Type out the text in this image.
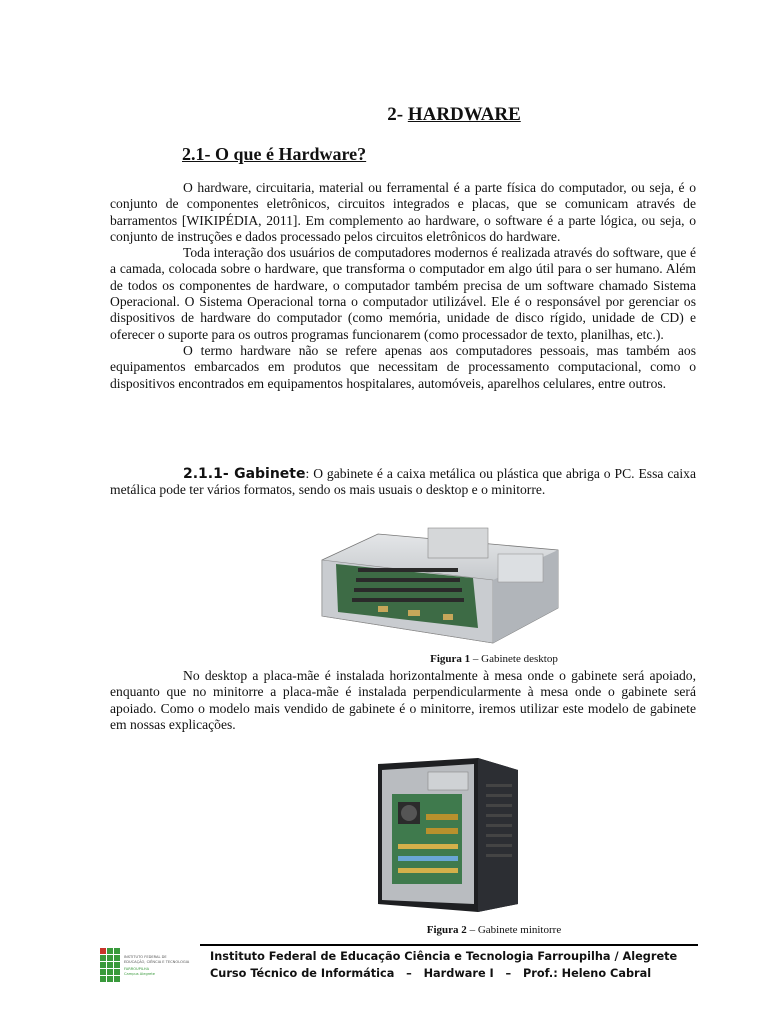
2- HARDWARE
2.1- O que é Hardware?

O hardware, circuitaria, material ou ferramental é a parte física do computador, ou seja, é o conjunto de componentes eletrônicos, circuitos integrados e placas, que se comunicam através de barramentos [WIKIPÉDIA, 2011]. Em complemento ao hardware, o software é a parte lógica, ou seja, o conjunto de instruções e dados processado pelos circuitos eletrônicos do hardware.

Toda interação dos usuários de computadores modernos é realizada através do software, que é a camada, colocada sobre o hardware, que transforma o computador em algo útil para o ser humano. Além de todos os componentes de hardware, o computador também precisa de um software chamado Sistema Operacional. O Sistema Operacional torna o computador utilizável. Ele é o responsável por gerenciar os dispositivos de hardware do computador (como memória, unidade de disco rígido, unidade de CD) e oferecer o suporte para os outros programas funcionarem (como processador de texto, planilhas, etc.).

O termo hardware não se refere apenas aos computadores pessoais, mas também aos equipamentos embarcados em produtos que necessitam de processamento computacional, como o dispositivos encontrados em equipamentos hospitalares, automóveis, aparelhos celulares, entre outros.

2.1.1- Gabinete: O gabinete é a caixa metálica ou plástica que abriga o PC. Essa caixa metálica pode ter vários formatos, sendo os mais usuais o desktop e o minitorre.

Figura 1 – Gabinete desktop

No desktop a placa-mãe é instalada horizontalmente à mesa onde o gabinete será apoiado, enquanto que no minitorre a placa-mãe é instalada perpendicularmente à mesa onde o gabinete será apoiado. Como o modelo mais vendido de gabinete é o minitorre, iremos utilizar este modelo de gabinete em nossas explicações.

Figura 2 – Gabinete minitorre
INSTITUTO FEDERAL DE
EDUCAÇÃO, CIÊNCIA E TECNOLOGIA
FARROUPILHA
Campus Alegrete
Instituto Federal de Educação Ciência e Tecnologia Farroupilha / Alegrete
Curso Técnico de Informática   –   Hardware I   –   Prof.: Heleno Cabral
